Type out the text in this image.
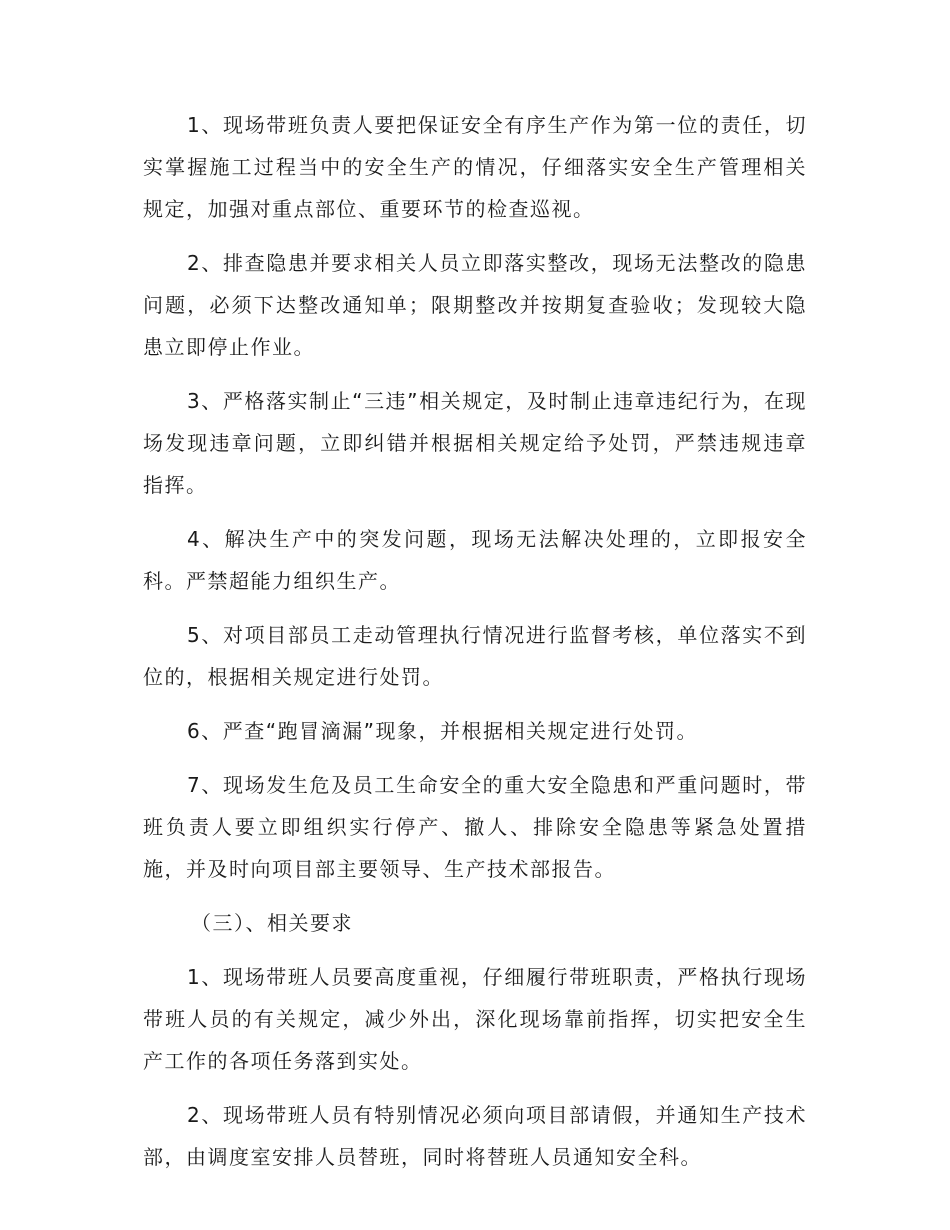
1、现场带班负责人要把保证安全有序生产作为第一位的责任，切实掌握施工过程当中的安全生产的情况，仔细落实安全生产管理相关规定，加强对重点部位、重要环节的检查巡视。

2、排查隐患并要求相关人员立即落实整改，现场无法整改的隐患问题，必须下达整改通知单；限期整改并按期复查验收；发现较大隐患立即停止作业。

3、严格落实制止“三违”相关规定，及时制止违章违纪行为，在现场发现违章问题，立即纠错并根据相关规定给予处罚，严禁违规违章指挥。

4、解决生产中的突发问题，现场无法解决处理的，立即报安全科。严禁超能力组织生产。

5、对项目部员工走动管理执行情况进行监督考核，单位落实不到位的，根据相关规定进行处罚。

6、严查“跑冒滴漏”现象，并根据相关规定进行处罚。

7、现场发生危及员工生命安全的重大安全隐患和严重问题时，带班负责人要立即组织实行停产、撤人、排除安全隐患等紧急处置措施，并及时向项目部主要领导、生产技术部报告。

（三）、相关要求

1、现场带班人员要高度重视，仔细履行带班职责，严格执行现场带班人员的有关规定，减少外出，深化现场靠前指挥，切实把安全生产工作的各项任务落到实处。

2、现场带班人员有特别情况必须向项目部请假，并通知生产技术部，由调度室安排人员替班，同时将替班人员通知安全科。
